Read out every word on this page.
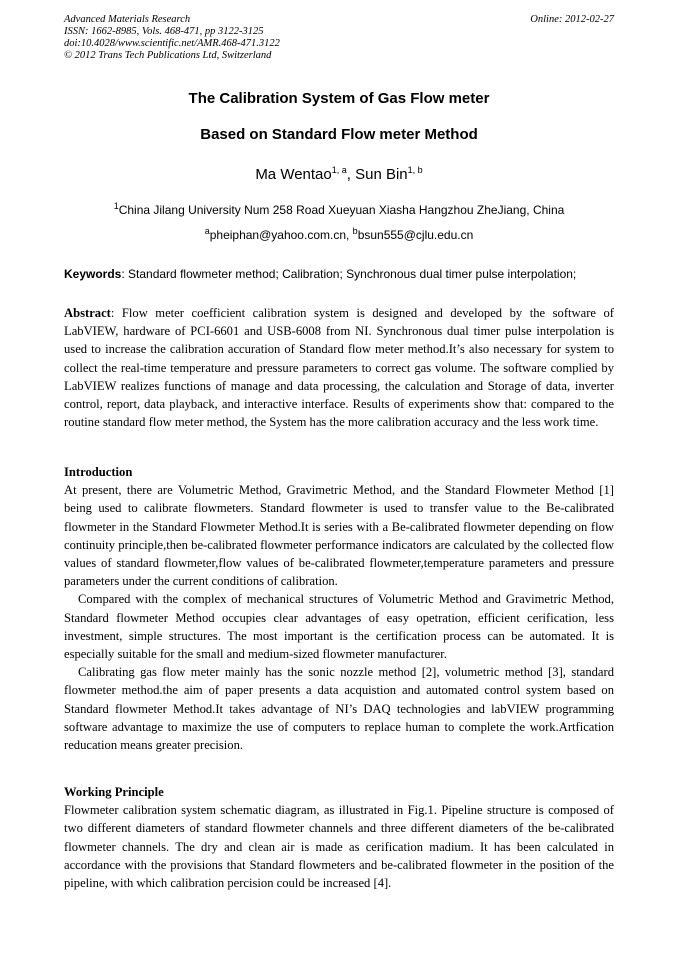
Advanced Materials Research
ISSN: 1662-8985, Vols. 468-471, pp 3122-3125
doi:10.4028/www.scientific.net/AMR.468-471.3122
© 2012 Trans Tech Publications Ltd, Switzerland
Online: 2012-02-27
The Calibration System of Gas Flow meter
Based on Standard Flow meter Method
Ma Wentao$^{1, a}$, Sun Bin$^{1, b}$
$^1$China Jilang University Num 258 Road Xueyuan Xiasha Hangzhou ZheJiang, China
$^a$pheiphan@yahoo.com.cn, $^b$bsun555@cjlu.edu.cn
Keywords: Standard flowmeter method; Calibration; Synchronous dual timer pulse interpolation;

Abstract: Flow meter coefficient calibration system is designed and developed by the software of LabVIEW, hardware of PCI-6601 and USB-6008 from NI. Synchronous dual timer pulse interpolation is used to increase the calibration accuration of Standard flow meter method.It’s also necessary for system to collect the real-time temperature and pressure parameters to correct gas volume. The software complied by LabVIEW realizes functions of manage and data processing, the calculation and Storage of data, inverter control, report, data playback, and interactive interface. Results of experiments show that: compared to the routine standard flow meter method, the System has the more calibration accuracy and the less work time.

Introduction

At present, there are Volumetric Method, Gravimetric Method, and the Standard Flowmeter Method [1] being used to calibrate flowmeters. Standard flowmeter is used to transfer value to the Be-calibrated flowmeter in the Standard Flowmeter Method.It is series with a Be-calibrated flowmeter depending on flow continuity principle,then be-calibrated flowmeter performance indicators are calculated by the collected flow values of standard flowmeter,flow values of be-calibrated flowmeter,temperature parameters and pressure parameters under the current conditions of calibration.

Compared with the complex of mechanical structures of Volumetric Method and Gravimetric Method, Standard flowmeter Method occupies clear advantages of easy opetration, efficient cerification, less investment, simple structures. The most important is the certification process can be automated. It is especially suitable for the small and medium-sized flowmeter manufacturer.

Calibrating gas flow meter mainly has the sonic nozzle method [2], volumetric method [3], standard flowmeter method.the aim of paper presents a data acquistion and automated control system based on Standard flowmeter Method.It takes advantage of NI’s DAQ technologies and labVIEW programming software advantage to maximize the use of computers to replace human to complete the work.Artfication reducation means greater precision.

Working Principle

Flowmeter calibration system schematic diagram, as illustrated in Fig.1. Pipeline structure is composed of two different diameters of standard flowmeter channels and three different diameters of the be-calibrated flowmeter channels. The dry and clean air is made as cerification madium. It has been calculated in accordance with the provisions that Standard flowmeters and be-calibrated flowmeter in the position of the pipeline, with which calibration percision could be increased [4].
